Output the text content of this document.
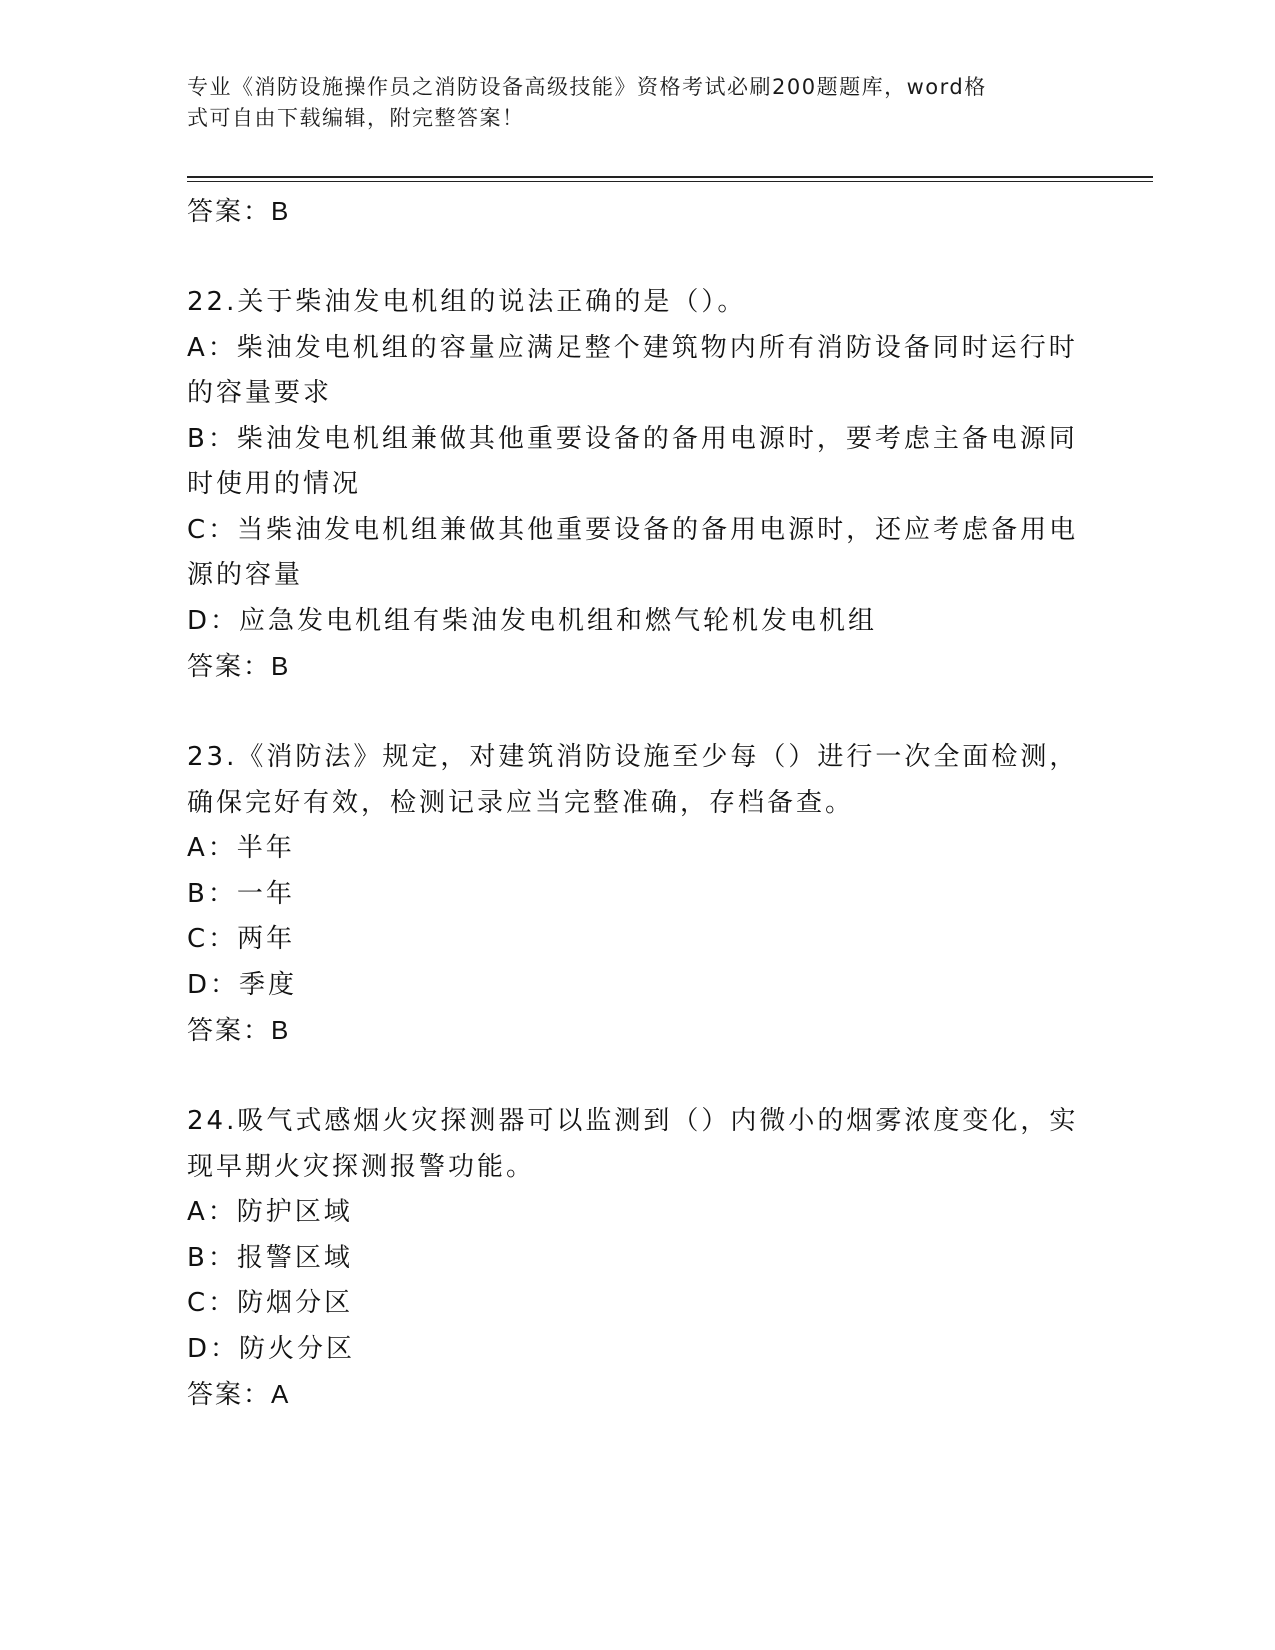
专业《消防设施操作员之消防设备高级技能》资格考试必刷200题题库，word格
式可自由下载编辑，附完整答案！
答案：B
22.关于柴油发电机组的说法正确的是（）。
A：柴油发电机组的容量应满足整个建筑物内所有消防设备同时运行时
的容量要求
B：柴油发电机组兼做其他重要设备的备用电源时，要考虑主备电源同
时使用的情况
C：当柴油发电机组兼做其他重要设备的备用电源时，还应考虑备用电
源的容量
D：应急发电机组有柴油发电机组和燃气轮机发电机组
答案：B
23.《消防法》规定，对建筑消防设施至少每（）进行一次全面检测，
确保完好有效，检测记录应当完整准确，存档备查。
A：半年
B：一年
C：两年
D：季度
答案：B
24.吸气式感烟火灾探测器可以监测到（）内微小的烟雾浓度变化，实
现早期火灾探测报警功能。
A：防护区域
B：报警区域
C：防烟分区
D：防火分区
答案：A
